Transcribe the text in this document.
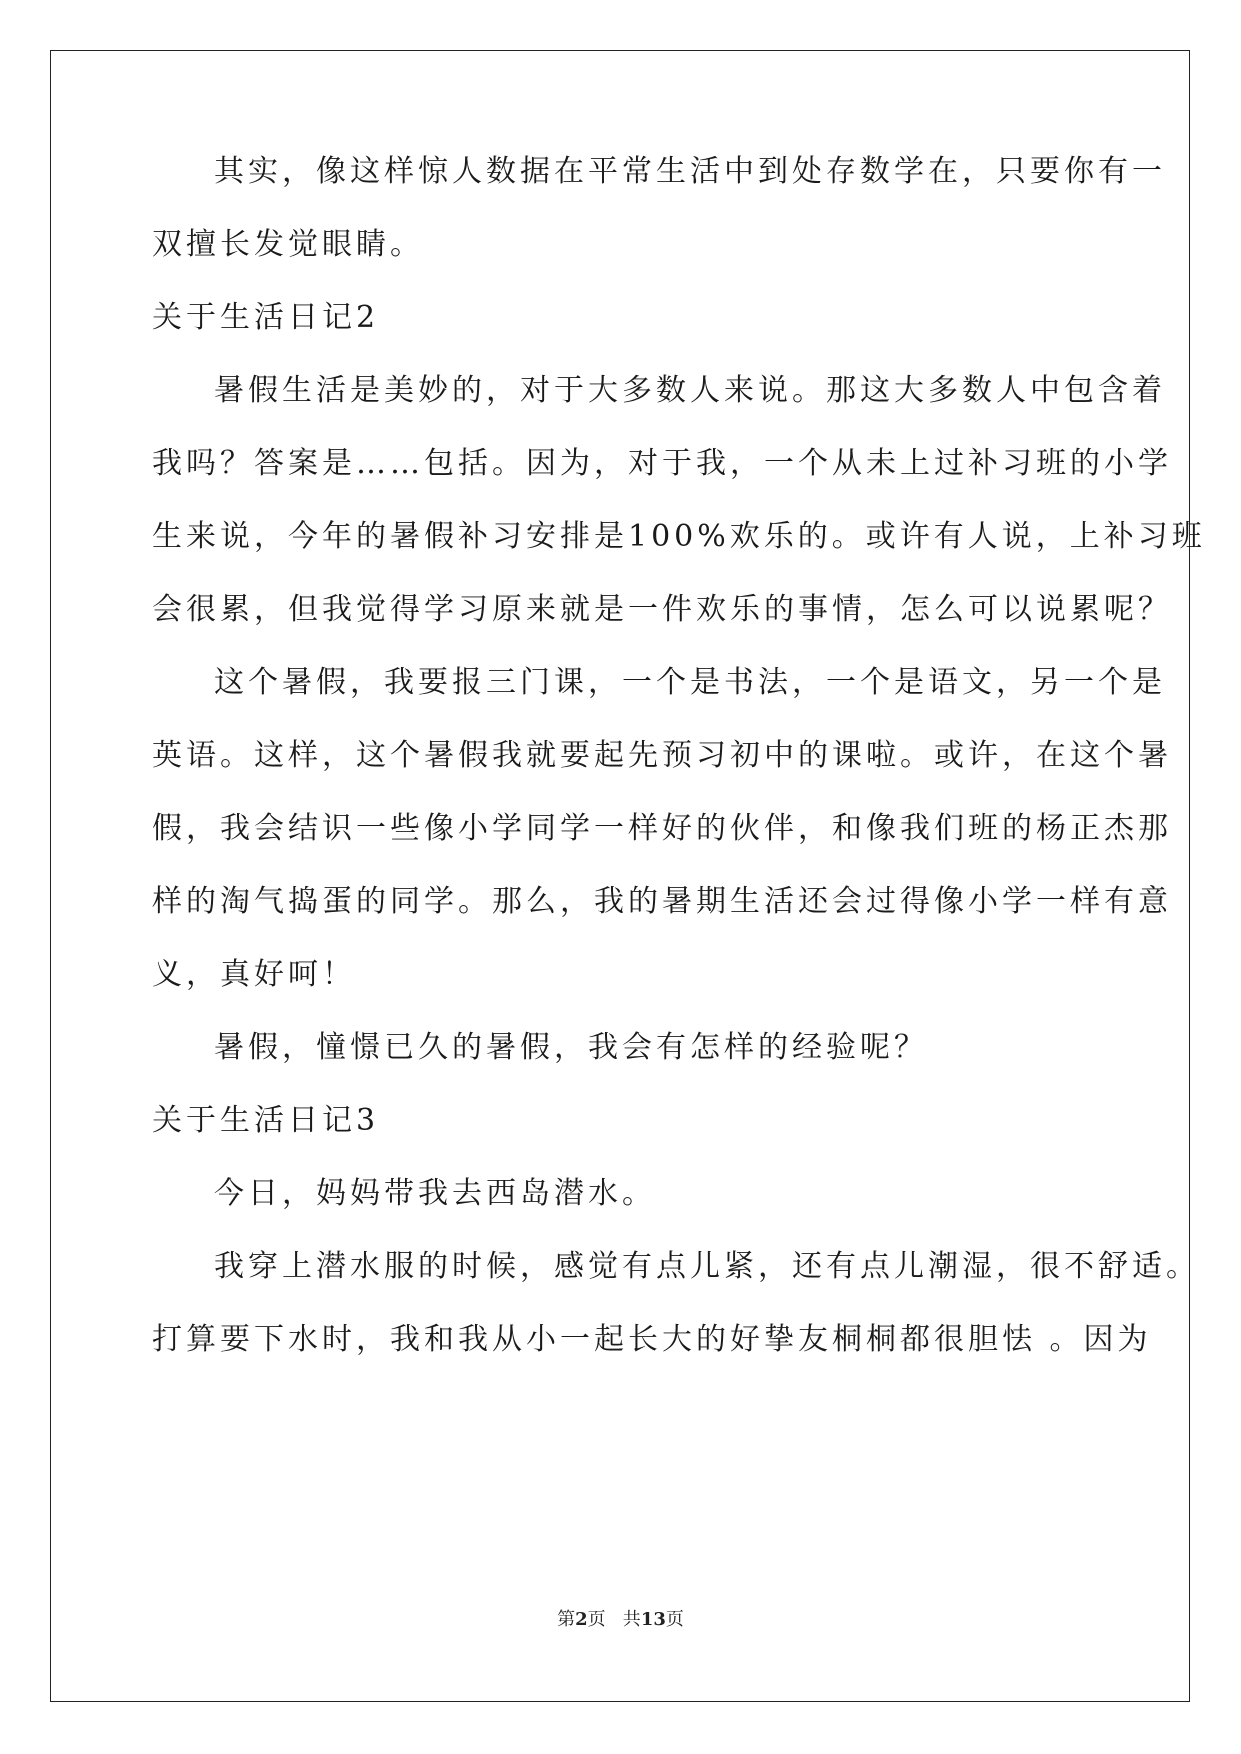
其实，像这样惊人数据在平常生活中到处存数学在，只要你有一
双擅长发觉眼睛。
关于生活日记2
暑假生活是美妙的，对于大多数人来说。那这大多数人中包含着
我吗？答案是……包括。因为，对于我，一个从未上过补习班的小学
生来说，今年的暑假补习安排是100%欢乐的。或许有人说，上补习班
会很累，但我觉得学习原来就是一件欢乐的事情，怎么可以说累呢？
这个暑假，我要报三门课，一个是书法，一个是语文，另一个是
英语。这样，这个暑假我就要起先预习初中的课啦。或许，在这个暑
假，我会结识一些像小学同学一样好的伙伴，和像我们班的杨正杰那
样的淘气捣蛋的同学。那么，我的暑期生活还会过得像小学一样有意
义，真好呵！
暑假，憧憬已久的暑假，我会有怎样的经验呢？
关于生活日记3
今日，妈妈带我去西岛潜水。
我穿上潜水服的时候，感觉有点儿紧，还有点儿潮湿，很不舒适。
打算要下水时，我和我从小一起长大的好挚友桐桐都很胆怯 。因为
第2页   共13页
